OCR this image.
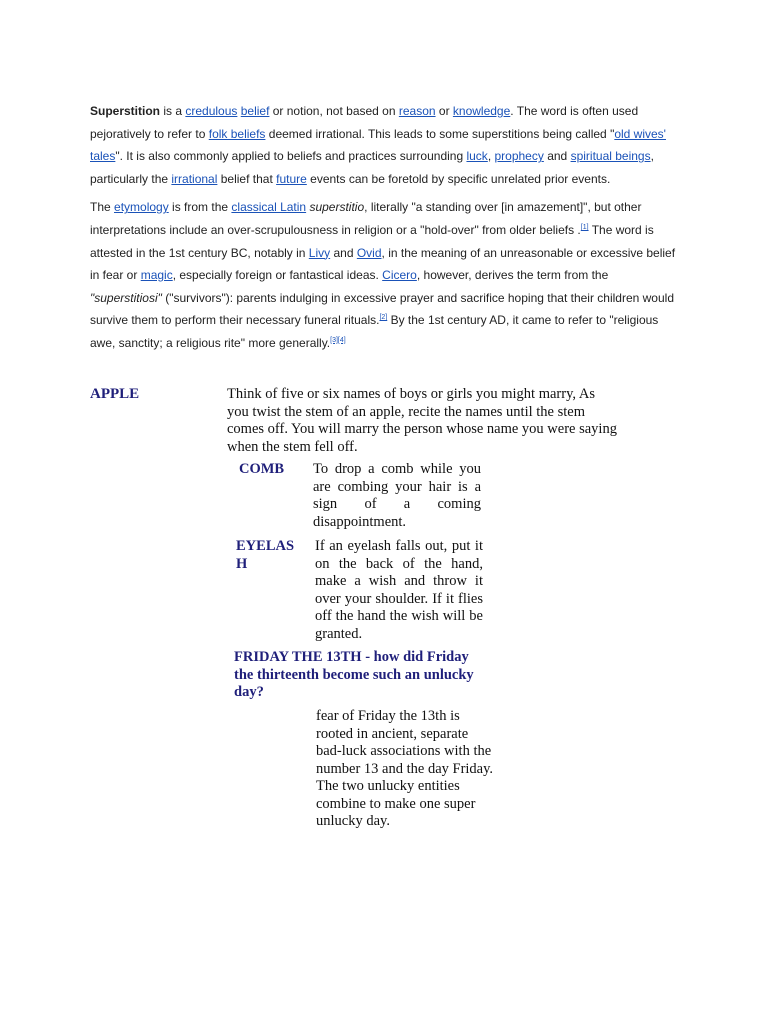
Superstition is a credulous belief or notion, not based on reason or knowledge. The word is often used pejoratively to refer to folk beliefs deemed irrational. This leads to some superstitions being called "old wives' tales". It is also commonly applied to beliefs and practices surrounding luck, prophecy and spiritual beings, particularly the irrational belief that future events can be foretold by specific unrelated prior events.

The etymology is from the classical Latin superstitio, literally "a standing over [in amazement]", but other interpretations include an over-scrupulousness in religion or a "hold-over" from older beliefs .[1] The word is attested in the 1st century BC, notably in Livy and Ovid, in the meaning of an unreasonable or excessive belief in fear or magic, especially foreign or fantastical ideas. Cicero, however, derives the term from the "superstitiosi" ("survivors"): parents indulging in excessive prayer and sacrifice hoping that their children would survive them to perform their necessary funeral rituals.[2] By the 1st century AD, it came to refer to "religious awe, sanctity; a religious rite" more generally.[3][4]

APPLE	Think of five or six names of boys or girls you might marry, As you twist the stem of an apple, recite the names until the stem comes off. You will marry the person whose name you were saying when the stem fell off.
COMB To drop a comb while you are combing your hair is a sign of a coming disappointment.
EYELAS
H
If an eyelash falls out, put it on the back of the hand, make a wish and throw it over your shoulder. If it flies off the hand the wish will be granted.
FRIDAY THE 13TH - how did Friday the thirteenth become such an unlucky day?
fear of Friday the 13th is rooted in ancient, separate bad-luck associations with the number 13 and the day Friday. The two unlucky entities combine to make one super unlucky day.
